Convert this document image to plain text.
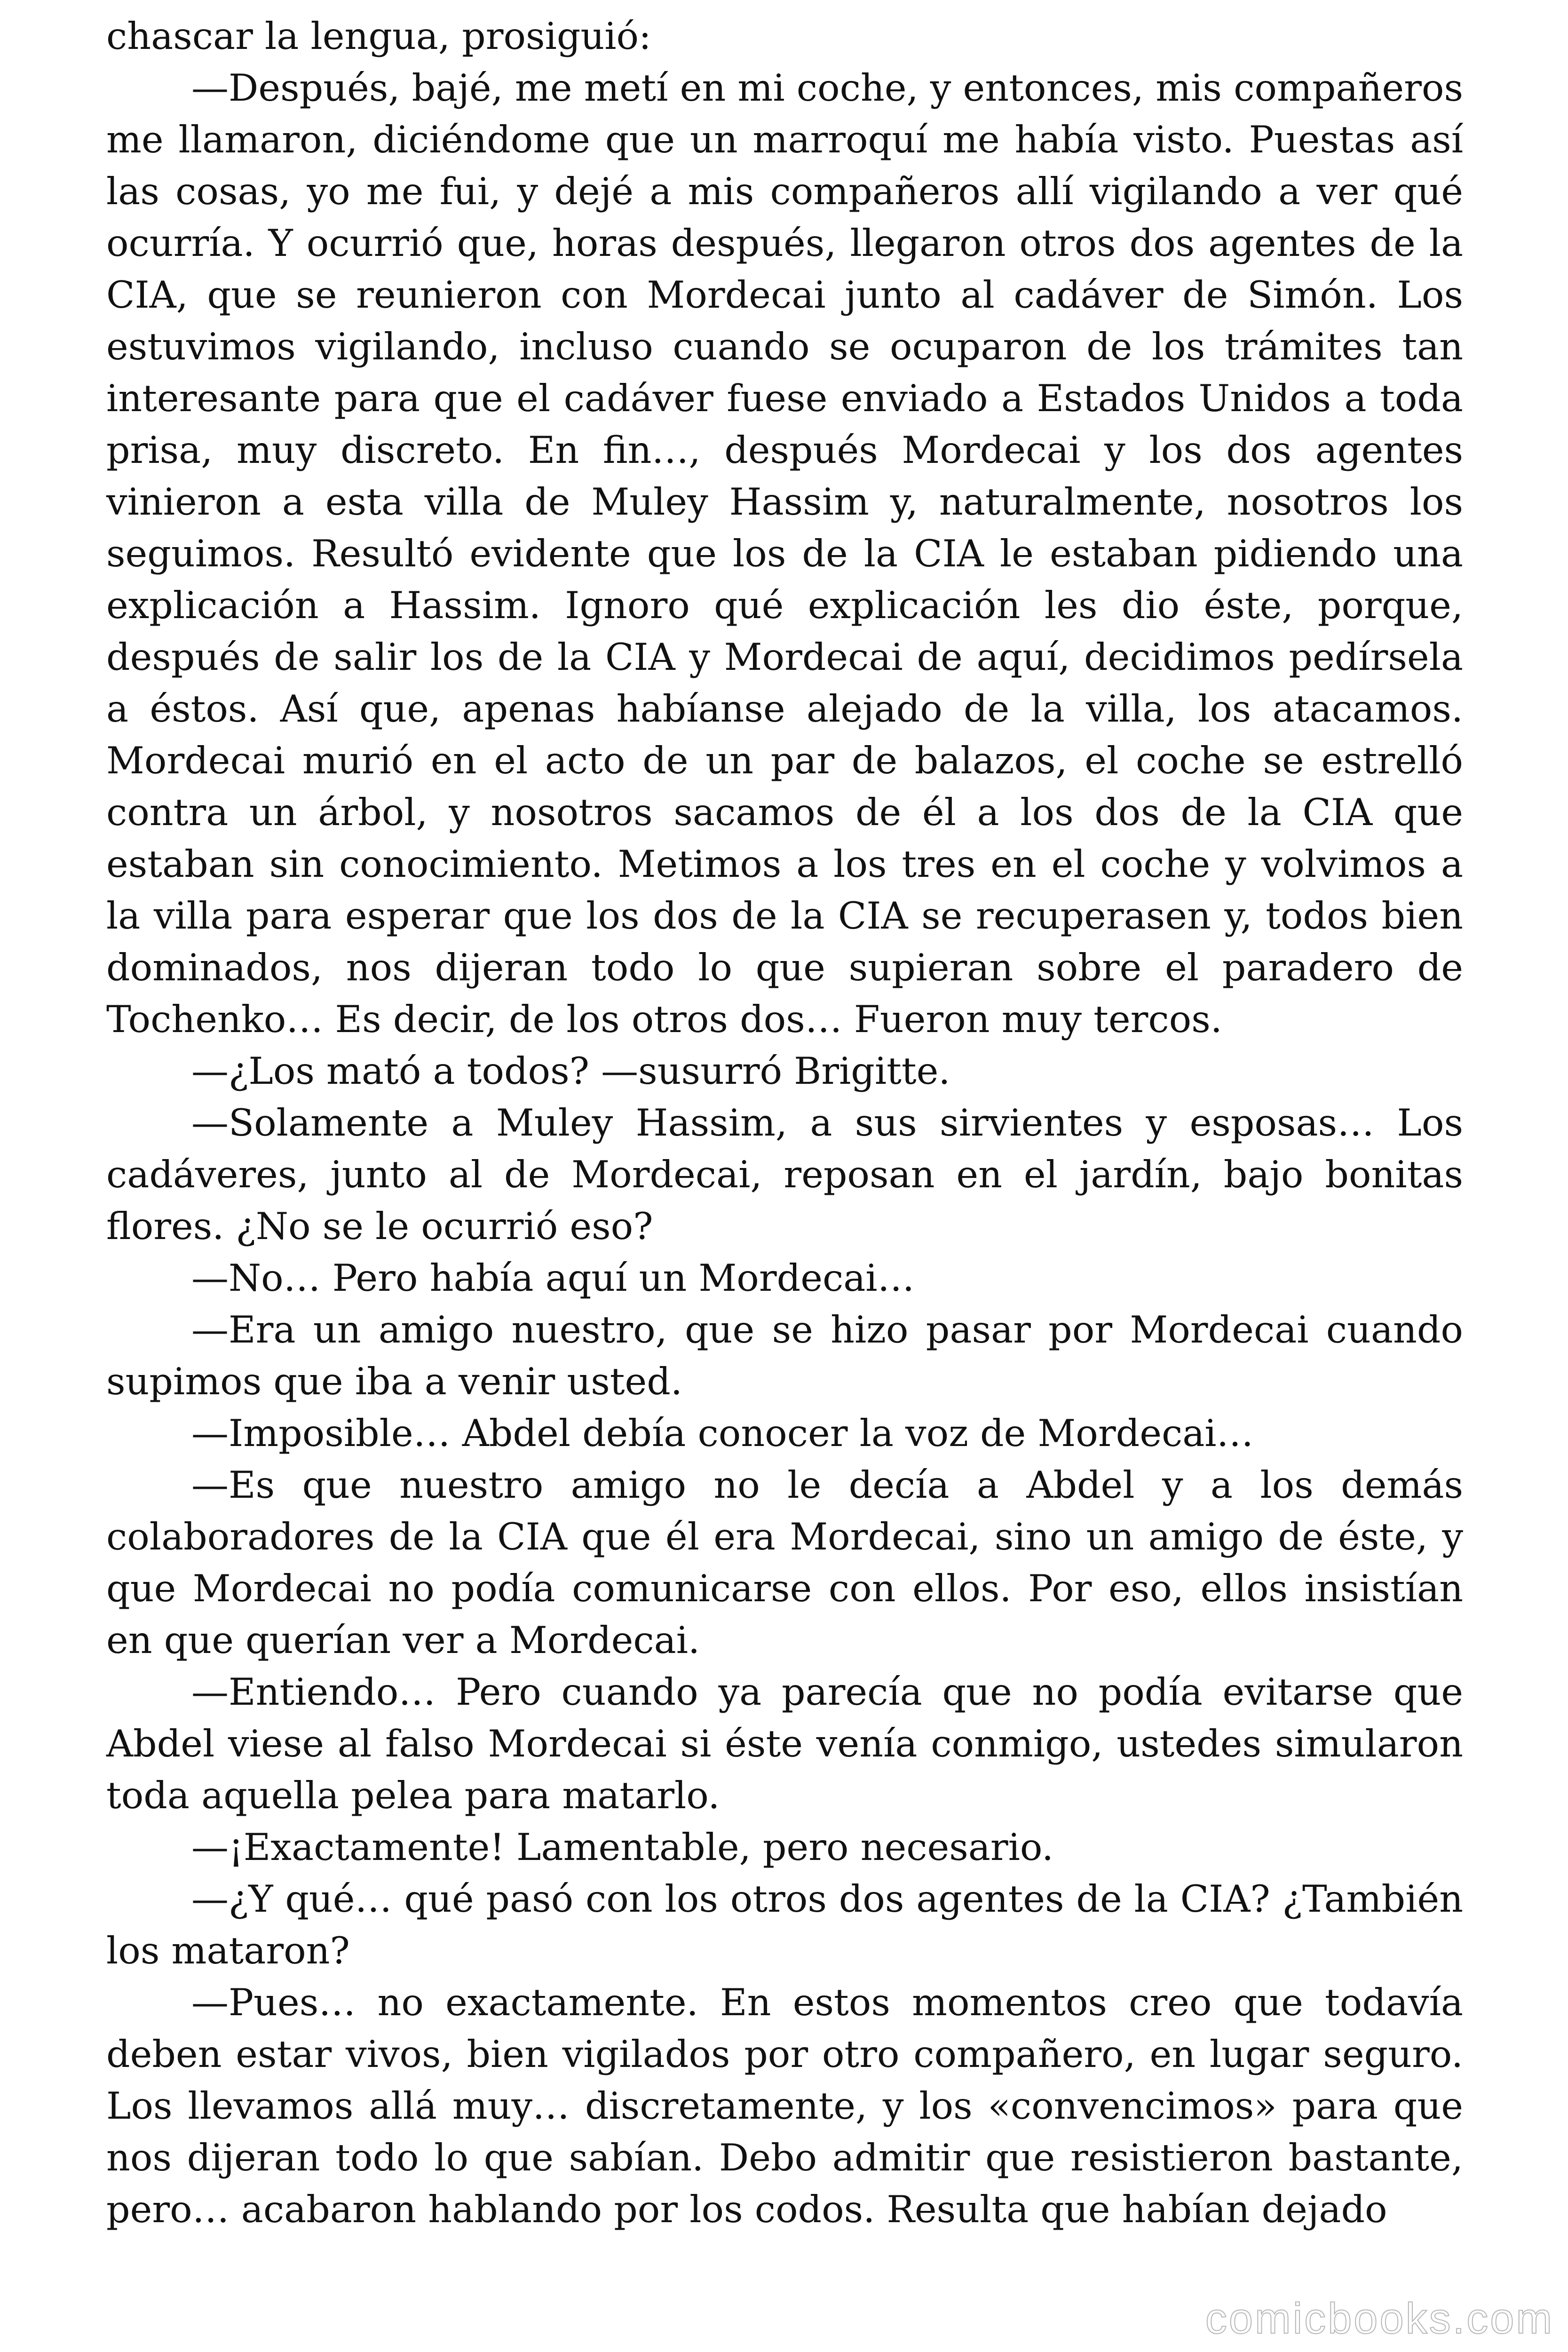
chascar la lengua, prosiguió:

—Después, bajé, me metí en mi coche, y entonces, mis compañeros me llamaron, diciéndome que un marroquí me había visto. Puestas así las cosas, yo me fui, y dejé a mis compañeros allí vigilando a ver qué ocurría. Y ocurrió que, horas después, llegaron otros dos agentes de la CIA, que se reunieron con Mordecai junto al cadáver de Simón. Los estuvimos vigilando, incluso cuando se ocuparon de los trámites tan interesante para que el cadáver fuese enviado a Estados Unidos a toda prisa, muy discreto. En fin…, después Mordecai y los dos agentes vinieron a esta villa de Muley Hassim y, naturalmente, nosotros los seguimos. Resultó evidente que los de la CIA le estaban pidiendo una explicación a Hassim. Ignoro qué explicación les dio éste, porque, después de salir los de la CIA y Mordecai de aquí, decidimos pedírsela a éstos. Así que, apenas habíanse alejado de la villa, los atacamos. Mordecai murió en el acto de un par de balazos, el coche se estrelló contra un árbol, y nosotros sacamos de él a los dos de la CIA que estaban sin conocimiento. Metimos a los tres en el coche y volvimos a la villa para esperar que los dos de la CIA se recuperasen y, todos bien dominados, nos dijeran todo lo que supieran sobre el paradero de Tochenko… Es decir, de los otros dos… Fueron muy tercos.

—¿Los mató a todos? —susurró Brigitte.

—Solamente a Muley Hassim, a sus sirvientes y esposas… Los cadáveres, junto al de Mordecai, reposan en el jardín, bajo bonitas flores. ¿No se le ocurrió eso?

—No… Pero había aquí un Mordecai…

—Era un amigo nuestro, que se hizo pasar por Mordecai cuando supimos que iba a venir usted.

—Imposible… Abdel debía conocer la voz de Mordecai…

—Es que nuestro amigo no le decía a Abdel y a los demás colaboradores de la CIA que él era Mordecai, sino un amigo de éste, y que Mordecai no podía comunicarse con ellos. Por eso, ellos insistían en que querían ver a Mordecai.

—Entiendo… Pero cuando ya parecía que no podía evitarse que Abdel viese al falso Mordecai si éste venía conmigo, ustedes simularon toda aquella pelea para matarlo.

—¡Exactamente! Lamentable, pero necesario.

—¿Y qué… qué pasó con los otros dos agentes de la CIA? ¿También los mataron?

—Pues… no exactamente. En estos momentos creo que todavía deben estar vivos, bien vigilados por otro compañero, en lugar seguro. Los llevamos allá muy… discretamente, y los «convencimos» para que nos dijeran todo lo que sabían. Debo admitir que resistieron bastante, pero… acabaron hablando por los codos. Resulta que habían dejado

comicbooks.com
